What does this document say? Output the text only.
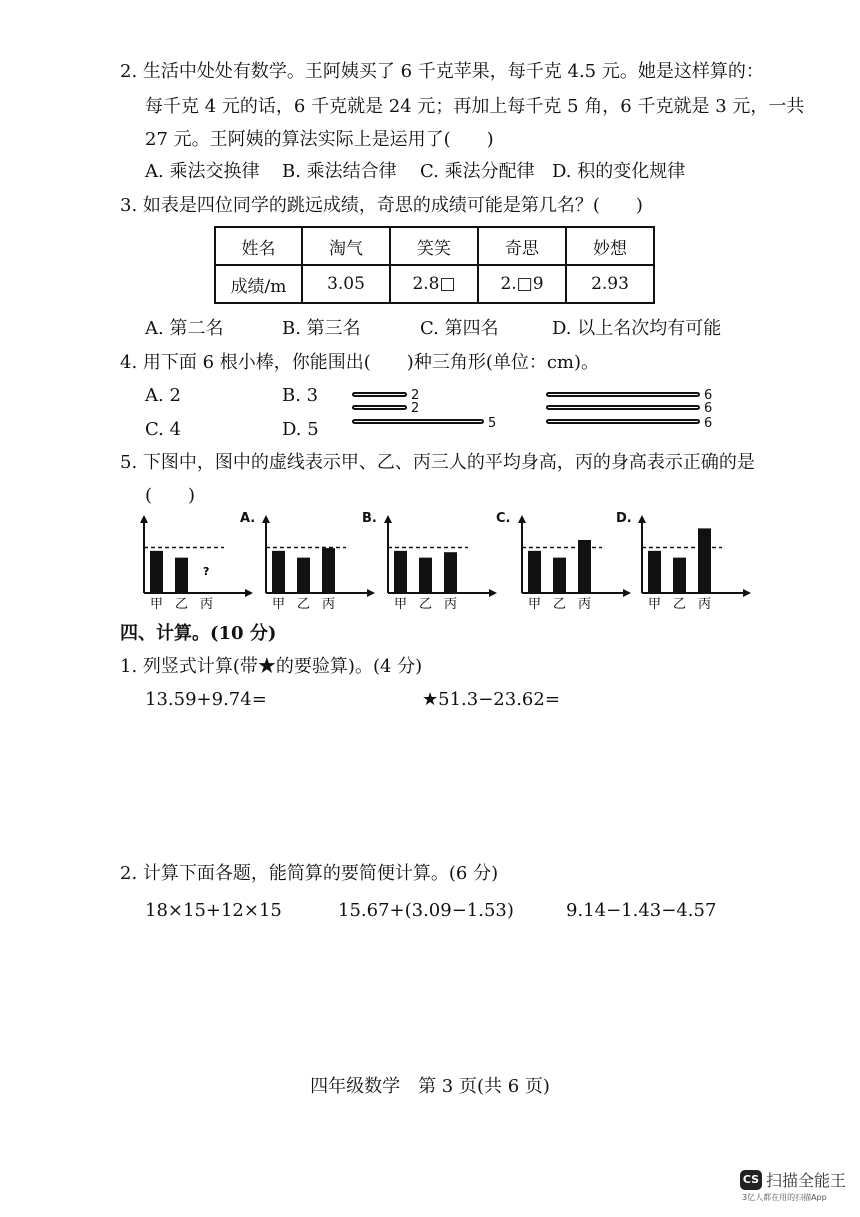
2. 生活中处处有数学。王阿姨买了 6 千克苹果，每千克 4.5 元。她是这样算的：
每千克 4 元的话，6 千克就是 24 元；再加上每千克 5 角，6 千克就是 3 元，一共
27 元。王阿姨的算法实际上是运用了(　　)
A. 乘法交换律 B. 乘法结合律 C. 乘法分配律 D. 积的变化规律
3. 如表是四位同学的跳远成绩，奇思的成绩可能是第几名？(　　)
姓名	淘气	笑笑	奇思	妙想
成绩/m	3.05	2.8□	2.□9	2.93
A. 第二名	B. 第三名	C. 第四名	D. 以上名次均有可能
4. 用下面 6 根小棒，你能围出(　　)种三角形(单位：cm)。
A. 2	B. 3
C. 4	D. 5
2
2
5
6
6
6
5. 下图中，图中的虚线表示甲、乙、丙三人的平均身高，丙的身高表示正确的是
(　　)
甲 乙
?
丙	甲 乙 丙
A.
甲 乙 丙
B.
甲 乙 丙
C.
甲 乙 丙
D.
四、计算。(10 分)
1. 列竖式计算(带★的要验算)。(4 分)
13.59+9.74=	★51.3−23.62=
2. 计算下面各题，能简算的要简便计算。(6 分)
18×15+12×15	15.67+(3.09−1.53)	9.14−1.43−4.57
四年级数学　第 3 页(共 6 页)
CS 扫描全能王
3亿人都在用的扫描App
